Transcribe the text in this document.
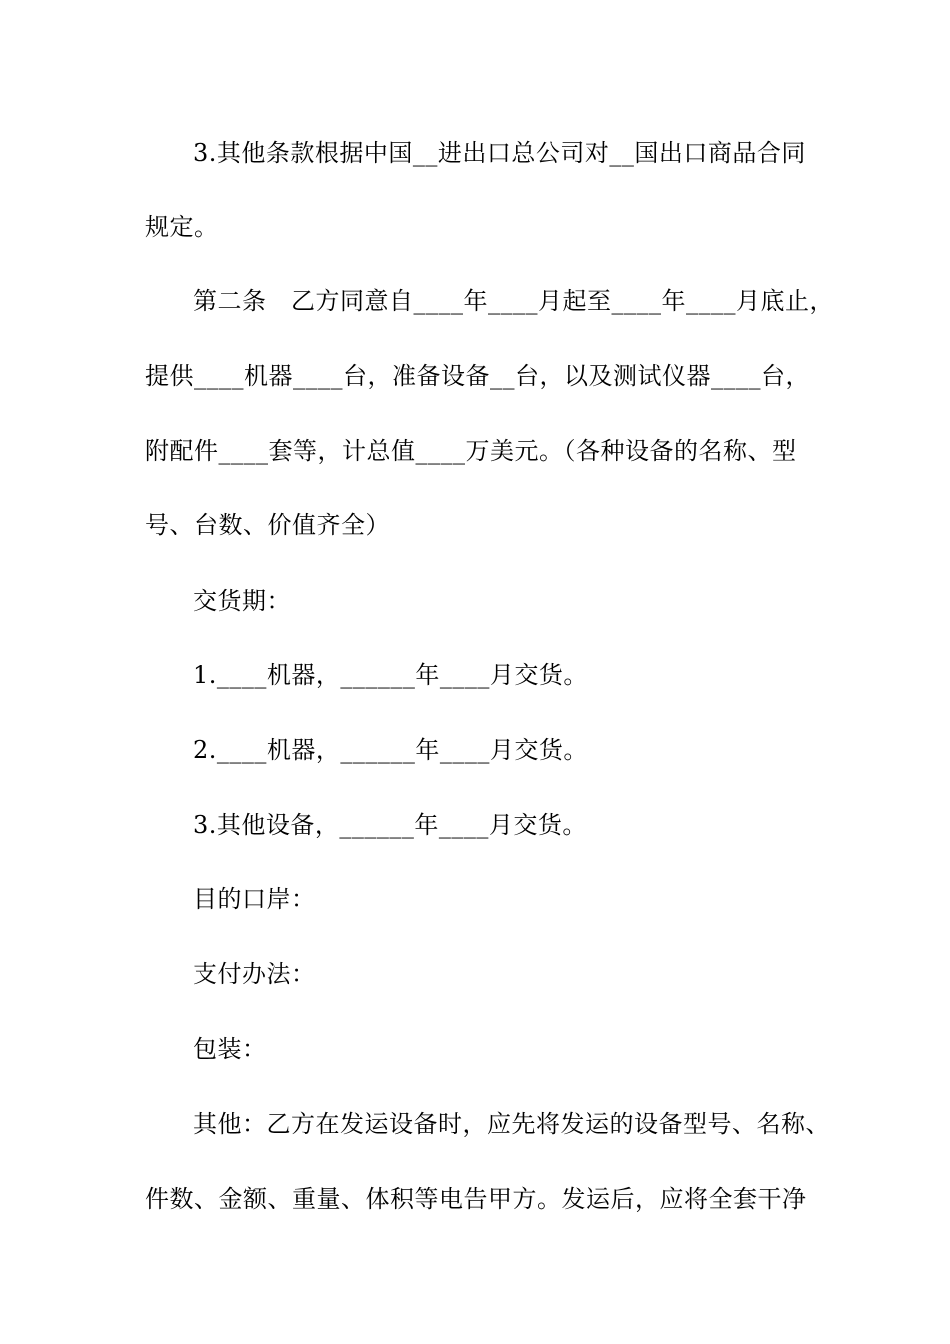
3.其他条款根据中国__进出口总公司对__国出口商品合同
规定。
第二条　乙方同意自____年____月起至____年____月底止，
提供____机器____台，准备设备__台，以及测试仪器____台，
附配件____套等，计总值____万美元。（各种设备的名称、型
号、台数、价值齐全）
交货期：
1.____机器，______年____月交货。
2.____机器，______年____月交货。
3.其他设备，______年____月交货。
目的口岸：
支付办法：
包装：
其他：乙方在发运设备时，应先将发运的设备型号、名称、
件数、金额、重量、体积等电告甲方。发运后，应将全套干净
